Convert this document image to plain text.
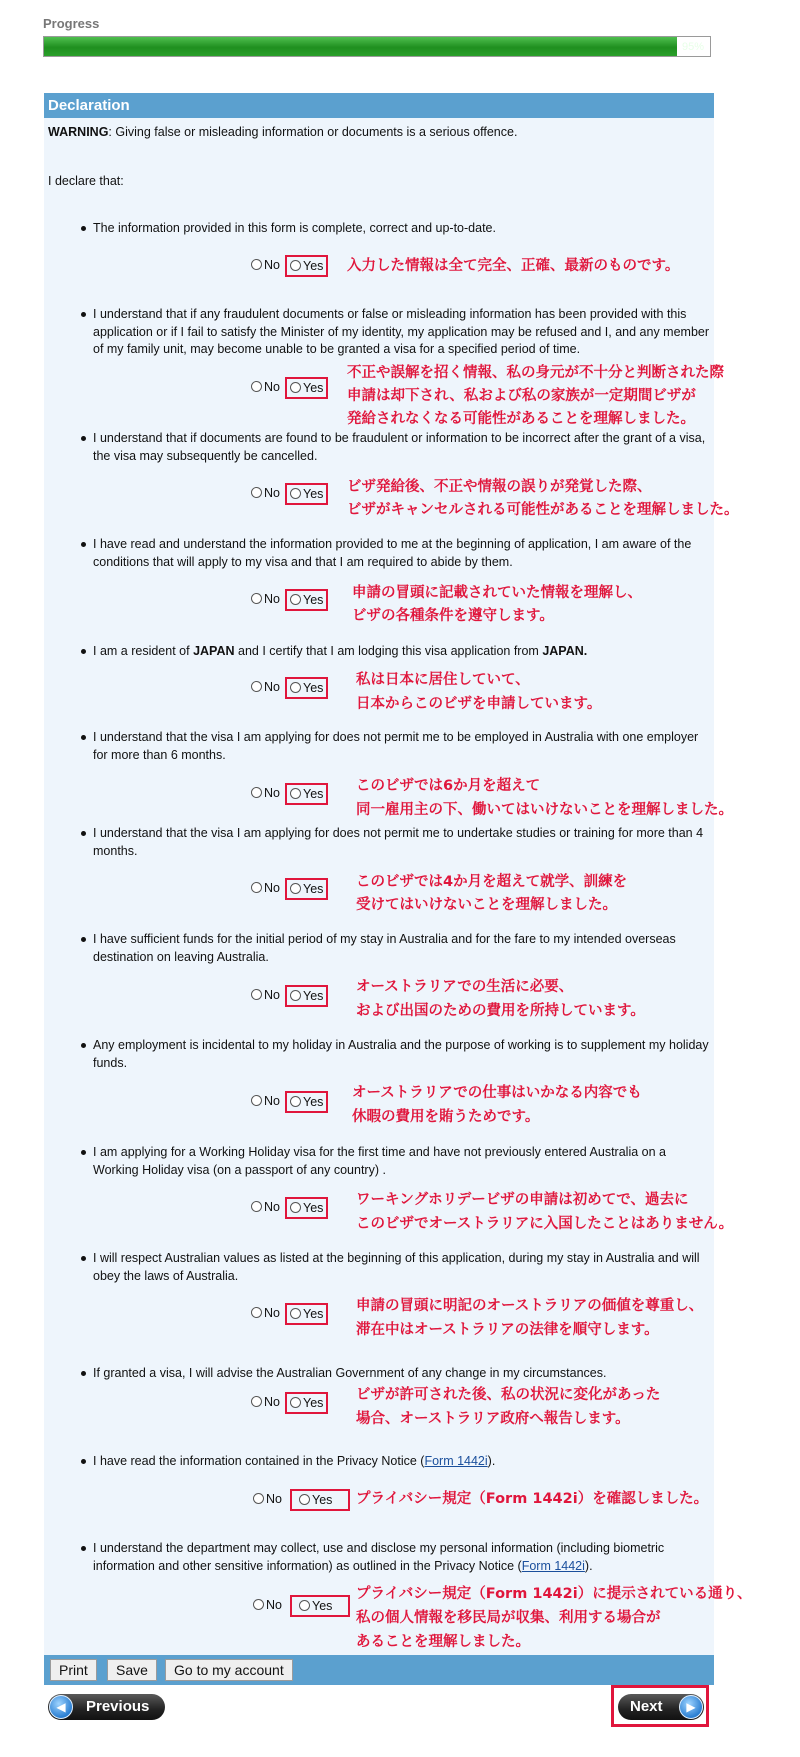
Progress
95%
Declaration
WARNING: Giving false or misleading information or documents is a serious offence.
I declare that:
The information provided in this form is complete, correct and up-to-date.
No	Yes	入力した情報は全て完全、正確、最新のものです。
I understand that if any fraudulent documents or false or misleading information has been provided with this application or if I fail to satisfy the Minister of my identity, my application may be refused and I, and any member of my family unit, may become unable to be granted a visa for a specified period of time.
No	Yes
不正や誤解を招く情報、私の身元が不十分と判断された際
申請は却下され、私および私の家族が一定期間ビザが
発給されなくなる可能性があることを理解しました。
I understand that if documents are found to be fraudulent or information to be incorrect after the grant of a visa, the visa may subsequently be cancelled.
No	Yes	ビザ発給後、不正や情報の誤りが発覚した際、
ビザがキャンセルされる可能性があることを理解しました。
I have read and understand the information provided to me at the beginning of application, I am aware of the conditions that will apply to my visa and that I am required to abide by them.
No	Yes	申請の冒頭に記載されていた情報を理解し、
ビザの各種条件を遵守します。
I am a resident of JAPAN and I certify that I am lodging this visa application from JAPAN.
No	Yes	私は日本に居住していて、
日本からこのビザを申請しています。
I understand that the visa I am applying for does not permit me to be employed in Australia with one employer for more than 6 months.
No	Yes	このビザでは6か月を超えて
同一雇用主の下、働いてはいけないことを理解しました。
I understand that the visa I am applying for does not permit me to undertake studies or training for more than 4 months.
No	Yes	このビザでは4か月を超えて就学、訓練を
受けてはいけないことを理解しました。
I have sufficient funds for the initial period of my stay in Australia and for the fare to my intended overseas destination on leaving Australia.
No	Yes
オーストラリアでの生活に必要、
および出国のための費用を所持しています。
Any employment is incidental to my holiday in Australia and the purpose of working is to supplement my holiday funds.
No	Yes
オーストラリアでの仕事はいかなる内容でも
休暇の費用を賄うためです。
I am applying for a Working Holiday visa for the first time and have not previously entered Australia on a Working Holiday visa (on a passport of any country) .
No	Yes	ワーキングホリデービザの申請は初めてで、過去に
このビザでオーストラリアに入国したことはありません。
I will respect Australian values as listed at the beginning of this application, during my stay in Australia and will obey the laws of Australia.
No	Yes	申請の冒頭に明記のオーストラリアの価値を尊重し、
滞在中はオーストラリアの法律を順守します。
If granted a visa, I will advise the Australian Government of any change in my circumstances.
No	Yes	ビザが許可された後、私の状況に変化があった
場合、オーストラリア政府へ報告します。
I have read the information contained in the Privacy Notice (Form 1442i).
No	Yes	プライバシー規定（Form 1442i）を確認しました。
I understand the department may collect, use and disclose my personal information (including biometric information and other sensitive information) as outlined in the Privacy Notice (Form 1442i).
No	Yes
プライバシー規定（Form 1442i）に提示されている通り、
私の個人情報を移民局が収集、利用する場合が
あることを理解しました。
Print	Save	Go to my account
◀	Previous	Next	▶
